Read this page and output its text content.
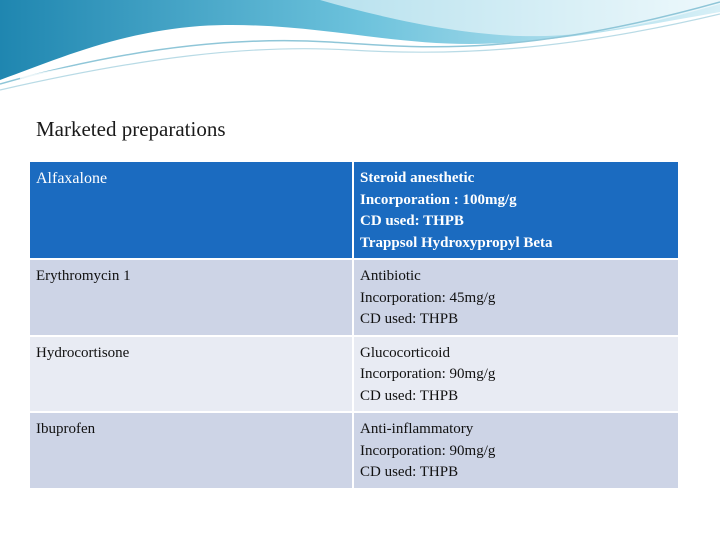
Marketed preparations
Alfaxalone	Steroid anesthetic
Incorporation : 100mg/g
CD used: THPB
Trappsol Hydroxypropyl Beta

Erythromycin 1	Antibiotic
Incorporation: 45mg/g
CD used: THPB

Hydrocortisone	Glucocorticoid
Incorporation: 90mg/g
CD used: THPB

Ibuprofen	Anti-inflammatory
Incorporation: 90mg/g
CD used: THPB
